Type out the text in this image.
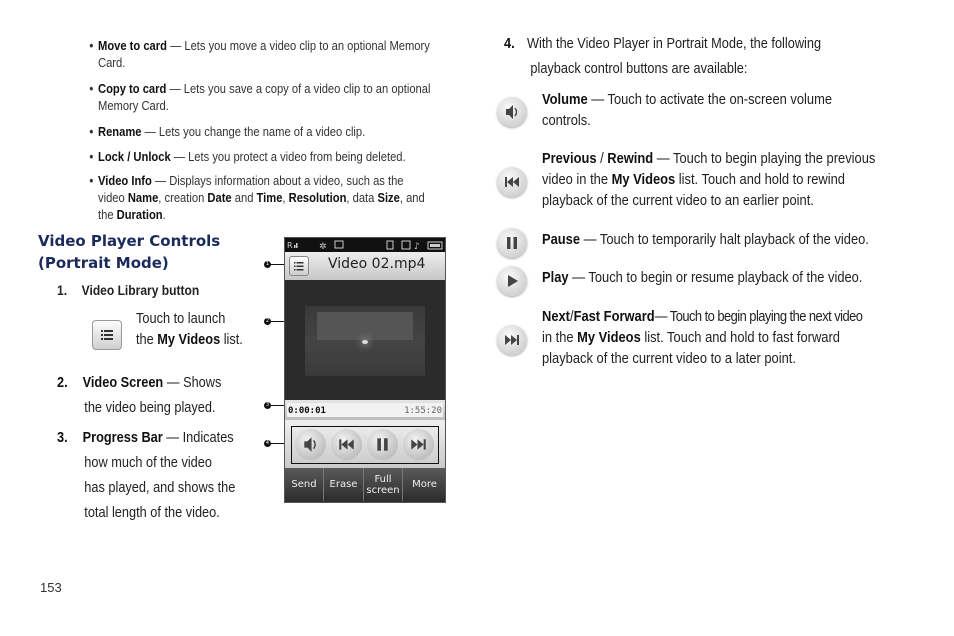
• Move to card — Lets you move a video clip to an optional Memory
Card.
• Copy to card — Lets you save a copy of a video clip to an optional
Memory Card.
• Rename — Lets you change the name of a video clip.
• Lock / Unlock — Lets you protect a video from being deleted.
• Video Info — Displays information about a video, such as the
video Name, creation Date and Time, Resolution, data Size, and
the Duration.
Video Player Controls
(Portrait Mode)
1. Video Library button
Touch to launch
the My Videos list.
2. Video Screen — Shows
the video being played.
3. Progress Bar — Indicates
how much of the video
has played, and shows the
total length of the video.
1
2
3
4
R	✲	♪
Video 02.mp4
0:00:01	1:55:20
Send	Erase	Full screen	More
4. With the Video Player in Portrait Mode, the following
playback control buttons are available:
Volume — Touch to activate the on-screen volume
controls.
Previous / Rewind — Touch to begin playing the previous
video in the My Videos list. Touch and hold to rewind
playback of the current video to an earlier point.
Pause — Touch to temporarily halt playback of the video.
Play — Touch to begin or resume playback of the video.
Next/Fast Forward— Touch to begin playing the next video
in the My Videos list. Touch and hold to fast forward
playback of the current video to a later point.
153
